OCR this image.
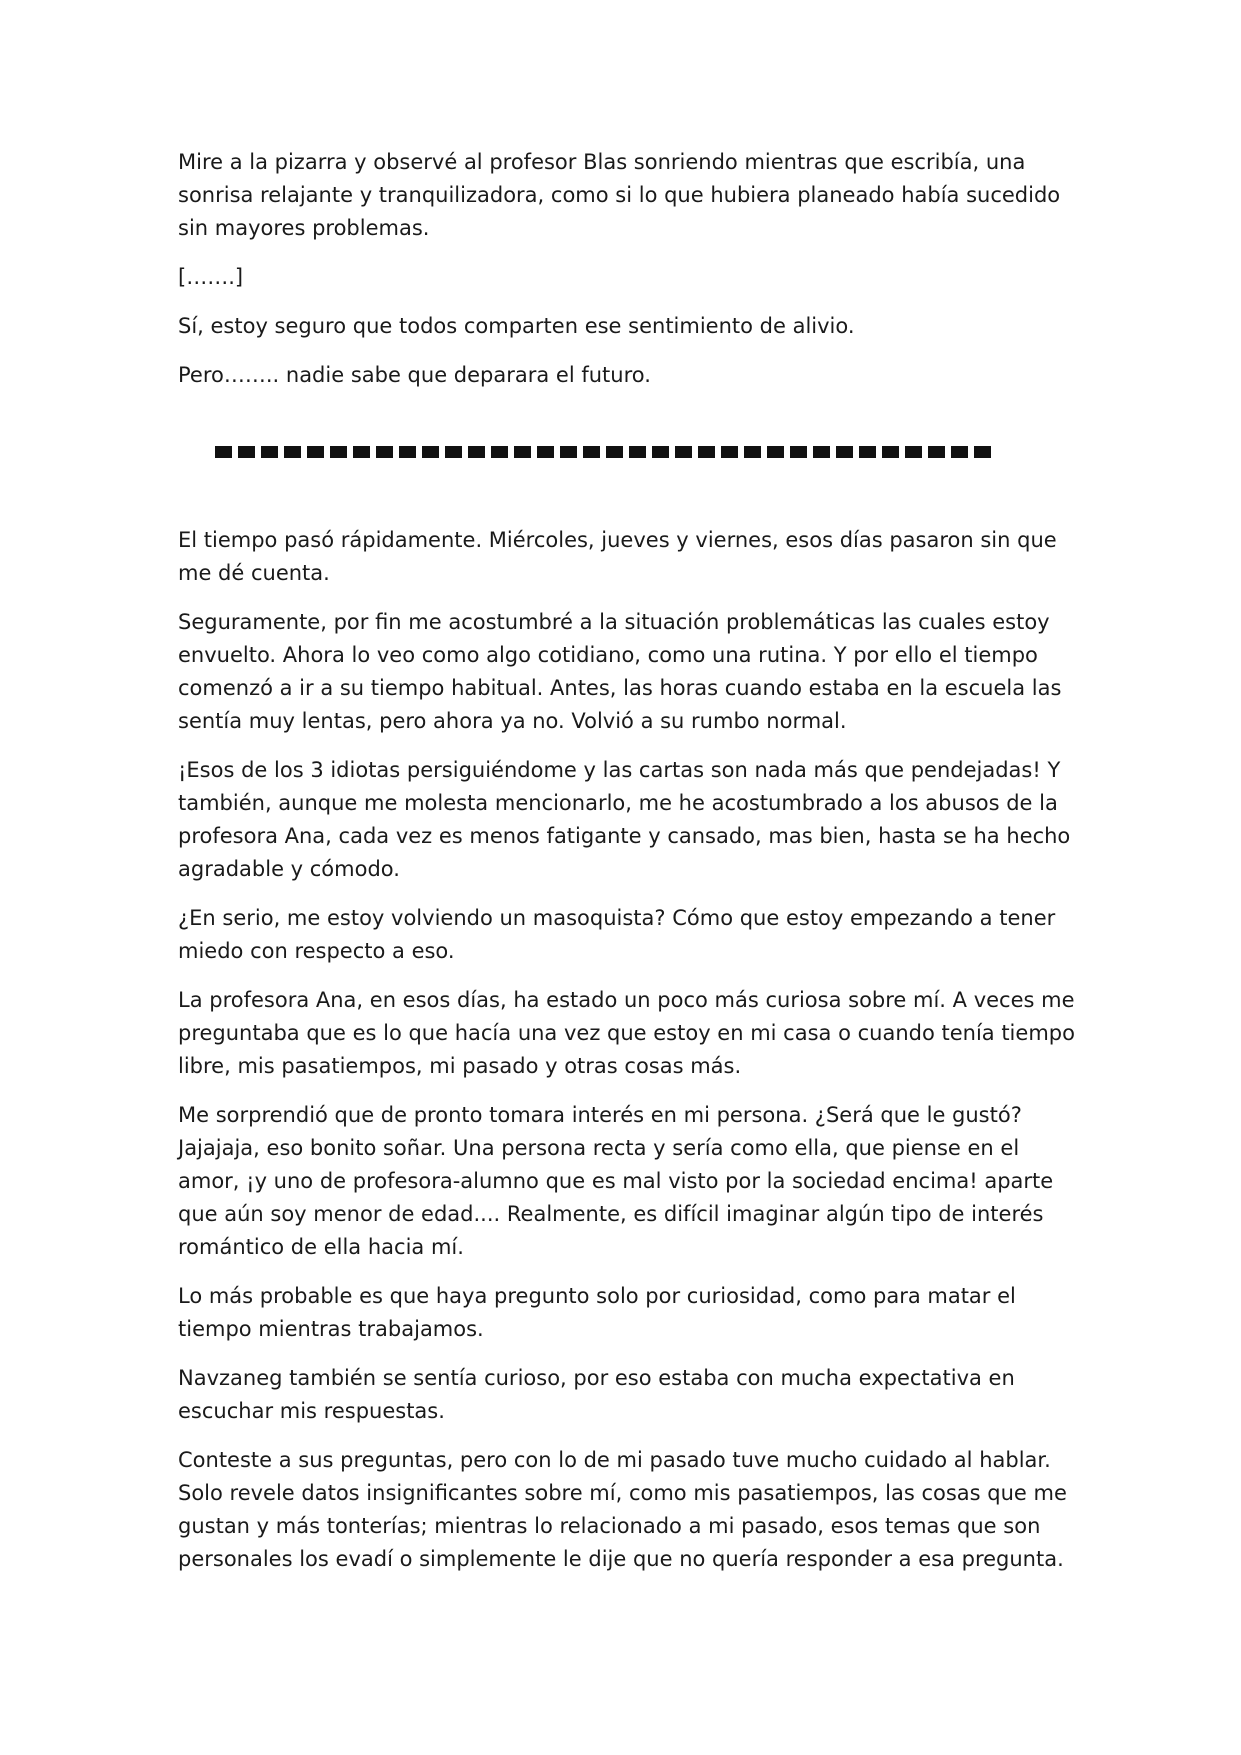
Mire a la pizarra y observé al profesor Blas sonriendo mientras que escribía, una sonrisa relajante y tranquilizadora, como si lo que hubiera planeado había sucedido sin mayores problemas.

[…….]

Sí, estoy seguro que todos comparten ese sentimiento de alivio.

Pero…….. nadie sabe que deparara el futuro.

El tiempo pasó rápidamente. Miércoles, jueves y viernes, esos días pasaron sin que me dé cuenta.

Seguramente, por fin me acostumbré a la situación problemáticas las cuales estoy envuelto. Ahora lo veo como algo cotidiano, como una rutina. Y por ello el tiempo comenzó a ir a su tiempo habitual. Antes, las horas cuando estaba en la escuela las sentía muy lentas, pero ahora ya no. Volvió a su rumbo normal.

¡Esos de los 3 idiotas persiguiéndome y las cartas son nada más que pendejadas! Y también, aunque me molesta mencionarlo, me he acostumbrado a los abusos de la profesora Ana, cada vez es menos fatigante y cansado, mas bien, hasta se ha hecho agradable y cómodo.

¿En serio, me estoy volviendo un masoquista? Cómo que estoy empezando a tener miedo con respecto a eso.

La profesora Ana, en esos días, ha estado un poco más curiosa sobre mí. A veces me preguntaba que es lo que hacía una vez que estoy en mi casa o cuando tenía tiempo libre, mis pasatiempos, mi pasado y otras cosas más.

Me sorprendió que de pronto tomara interés en mi persona. ¿Será que le gustó? Jajajaja, eso bonito soñar. Una persona recta y sería como ella, que piense en el amor, ¡y uno de profesora-alumno que es mal visto por la sociedad encima! aparte que aún soy menor de edad.... Realmente, es difícil imaginar algún tipo de interés romántico de ella hacia mí.

Lo más probable es que haya pregunto solo por curiosidad, como para matar el tiempo mientras trabajamos.

Navzaneg también se sentía curioso, por eso estaba con mucha expectativa en escuchar mis respuestas.

Conteste a sus preguntas, pero con lo de mi pasado tuve mucho cuidado al hablar. Solo revele datos insignificantes sobre mí, como mis pasatiempos, las cosas que me gustan y más tonterías; mientras lo relacionado a mi pasado, esos temas que son personales los evadí o simplemente le dije que no quería responder a esa pregunta.
